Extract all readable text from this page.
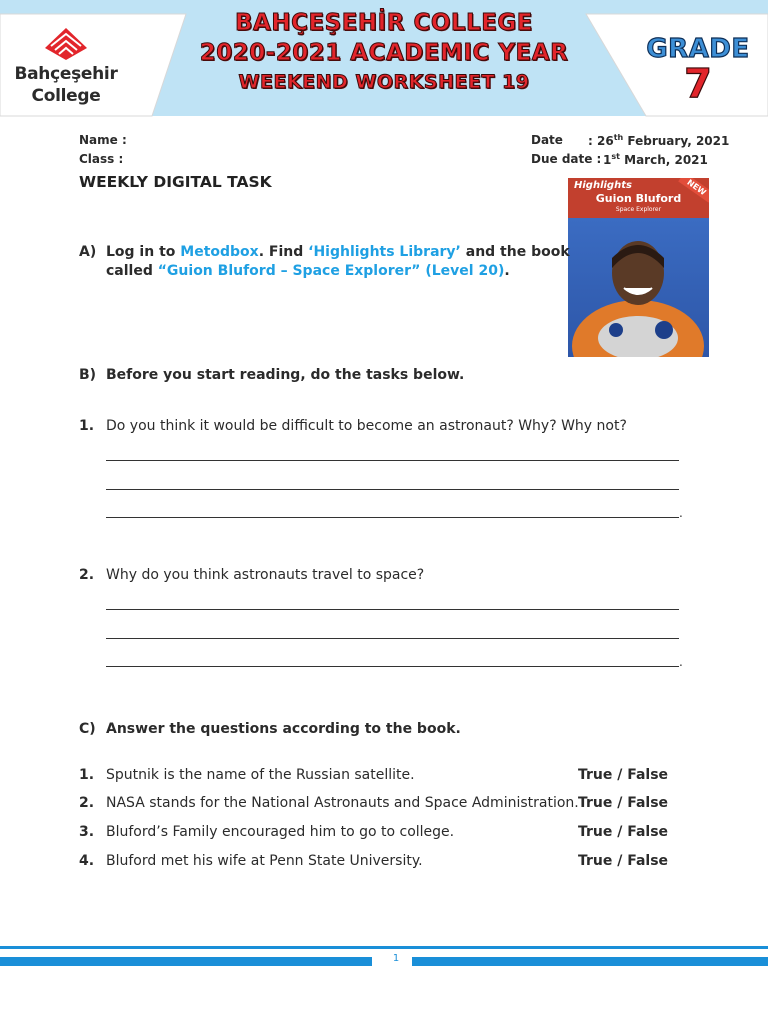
Bahçeşehir
College
BAHÇEŞEHİR COLLEGE
2020-2021 ACADEMIC YEAR
WEEKEND WORKSHEET 19
GRADE
7
Name :
Class :
Date : 26th February, 2021
Due date : 1st March, 2021
WEEKLY DIGITAL TASK	Highlights
Guion Bluford
Space Explorer
NEW
A) Log in to Metodbox. Find ‘Highlights Library’ and the book
called “Guion Bluford – Space Explorer” (Level 20).
B) Before you start reading, do the tasks below.
1. Do you think it would be difficult to become an astronaut? Why? Why not?
.
2. Why do you think astronauts travel to space?
.
C) Answer the questions according to the book.
1. Sputnik is the name of the Russian satellite.	True / False
2. NASA stands for the National Astronauts and Space Administration. True / False
3. Bluford’s Family encouraged him to go to college.	True / False
4. Bluford met his wife at Penn State University.	True / False
1
